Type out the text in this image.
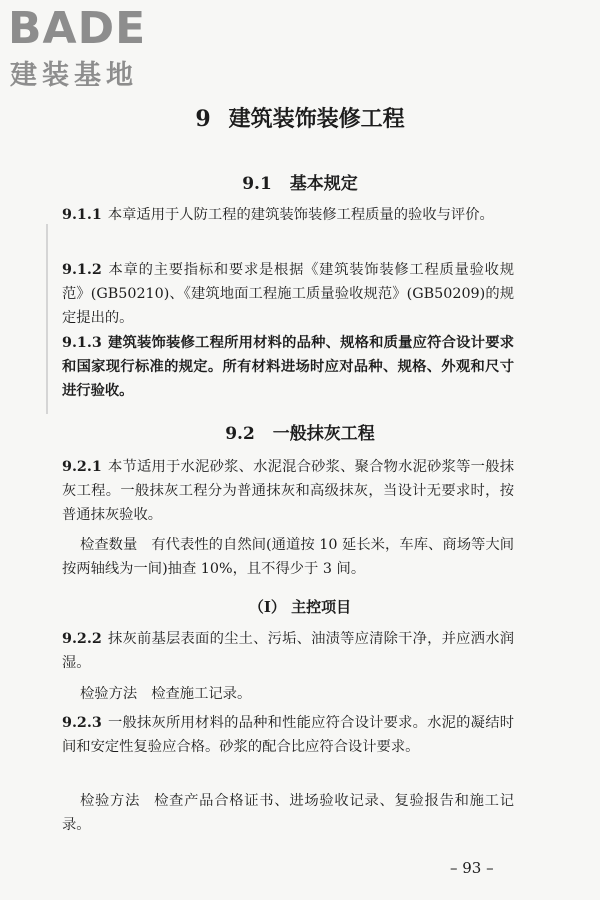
BADE
建装基地
9 建筑装饰装修工程
9.1 基本规定
9.1.1 本章适用于人防工程的建筑装饰装修工程质量的验收与评价。
9.1.2 本章的主要指标和要求是根据《建筑装饰装修工程质量验收规范》(GB50210)、《建筑地面工程施工质量验收规范》(GB50209)的规定提出的。
9.1.3 建筑装饰装修工程所用材料的品种、规格和质量应符合设计要求和国家现行标准的规定。所有材料进场时应对品种、规格、外观和尺寸进行验收。
9.2 一般抹灰工程
9.2.1 本节适用于水泥砂浆、水泥混合砂浆、聚合物水泥砂浆等一般抹灰工程。一般抹灰工程分为普通抹灰和高级抹灰，当设计无要求时，按普通抹灰验收。
检查数量 有代表性的自然间(通道按 10 延长米，车库、商场等大间按两轴线为一间)抽查 10%，且不得少于 3 间。
（Ⅰ） 主控项目
9.2.2 抹灰前基层表面的尘土、污垢、油渍等应清除干净，并应洒水润湿。
检验方法 检查施工记录。
9.2.3 一般抹灰所用材料的品种和性能应符合设计要求。水泥的凝结时间和安定性复验应合格。砂浆的配合比应符合设计要求。
检验方法 检查产品合格证书、进场验收记录、复验报告和施工记录。
– 93 –
